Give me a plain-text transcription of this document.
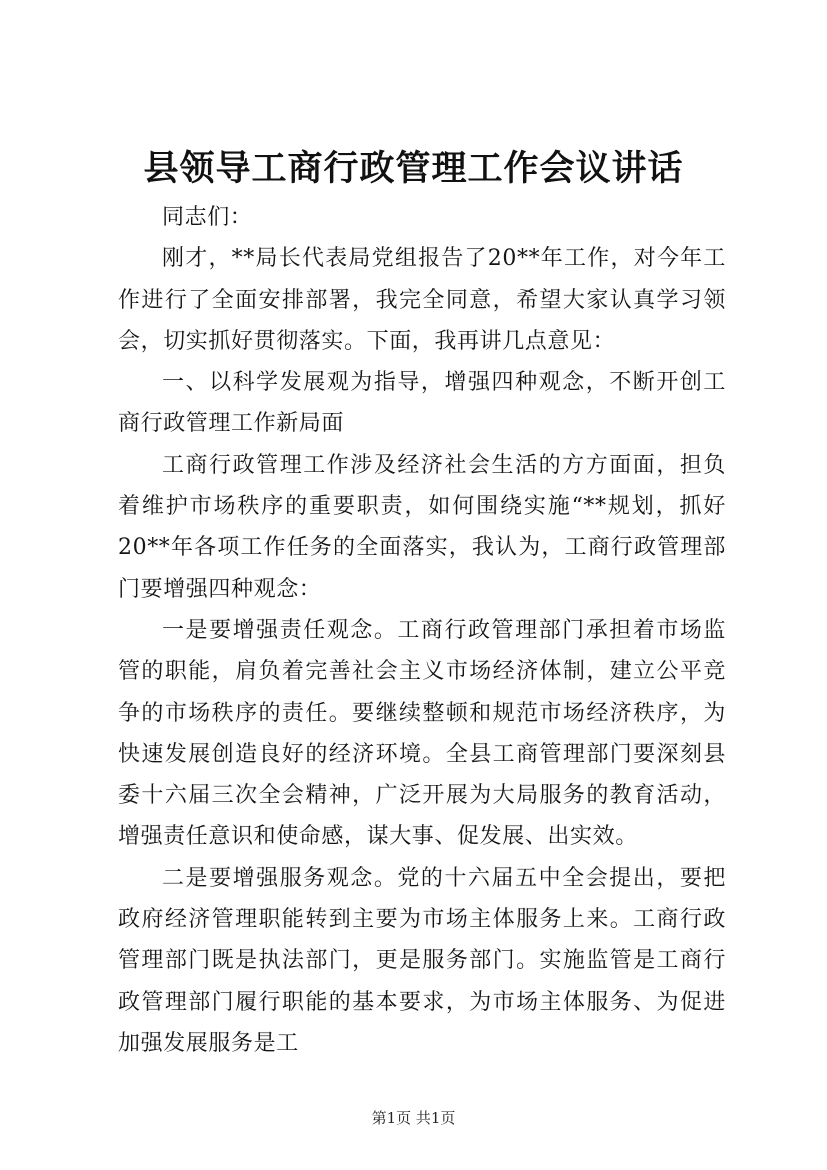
县领导工商行政管理工作会议讲话

同志们：

刚才，**局长代表局党组报告了20**年工作，对今年工作进行了全面安排部署，我完全同意，希望大家认真学习领会，切实抓好贯彻落实。下面，我再讲几点意见：

一、以科学发展观为指导，增强四种观念，不断开创工商行政管理工作新局面

工商行政管理工作涉及经济社会生活的方方面面，担负着维护市场秩序的重要职责，如何围绕实施“**规划，抓好20**年各项工作任务的全面落实，我认为，工商行政管理部门要增强四种观念：

一是要增强责任观念。工商行政管理部门承担着市场监管的职能，肩负着完善社会主义市场经济体制，建立公平竞争的市场秩序的责任。要继续整顿和规范市场经济秩序，为快速发展创造良好的经济环境。全县工商管理部门要深刻县委十六届三次全会精神，广泛开展为大局服务的教育活动，增强责任意识和使命感，谋大事、促发展、出实效。

二是要增强服务观念。党的十六届五中全会提出，要把政府经济管理职能转到主要为市场主体服务上来。工商行政管理部门既是执法部门，更是服务部门。实施监管是工商行政管理部门履行职能的基本要求，为市场主体服务、为促进加强发展服务是工

第1页 共1页
